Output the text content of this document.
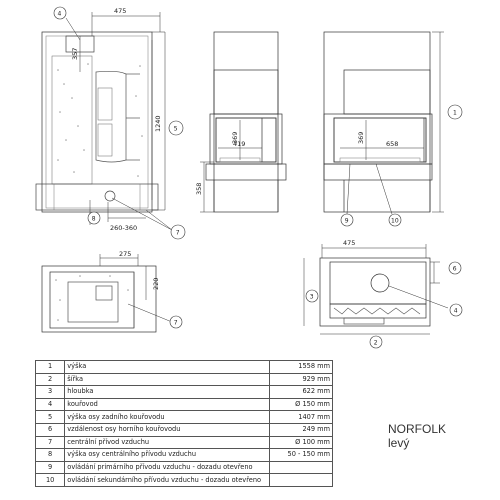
475
357
1240
260-360
369
419
358
369	658
275
220
475
4
5
7
8	9	10
1
7
2
3
6
4
1	výška	1558 mm
2	šířka	929 mm
3	hloubka	622 mm
4	kouřovod	Ø 150 mm
5	výška osy zadního kouřovodu	1407 mm
6	vzdálenost osy horního kouřovodu	249 mm
7	centrální přívod vzduchu	Ø 100 mm
8	výška osy centrálního přívodu vzduchu	50 - 150 mm
9	ovládání primárního přívodu vzduchu - dozadu otevřeno	
10	ovládání sekundárního přívodu vzduchu - dozadu otevřeno	
NORFOLK
levý
